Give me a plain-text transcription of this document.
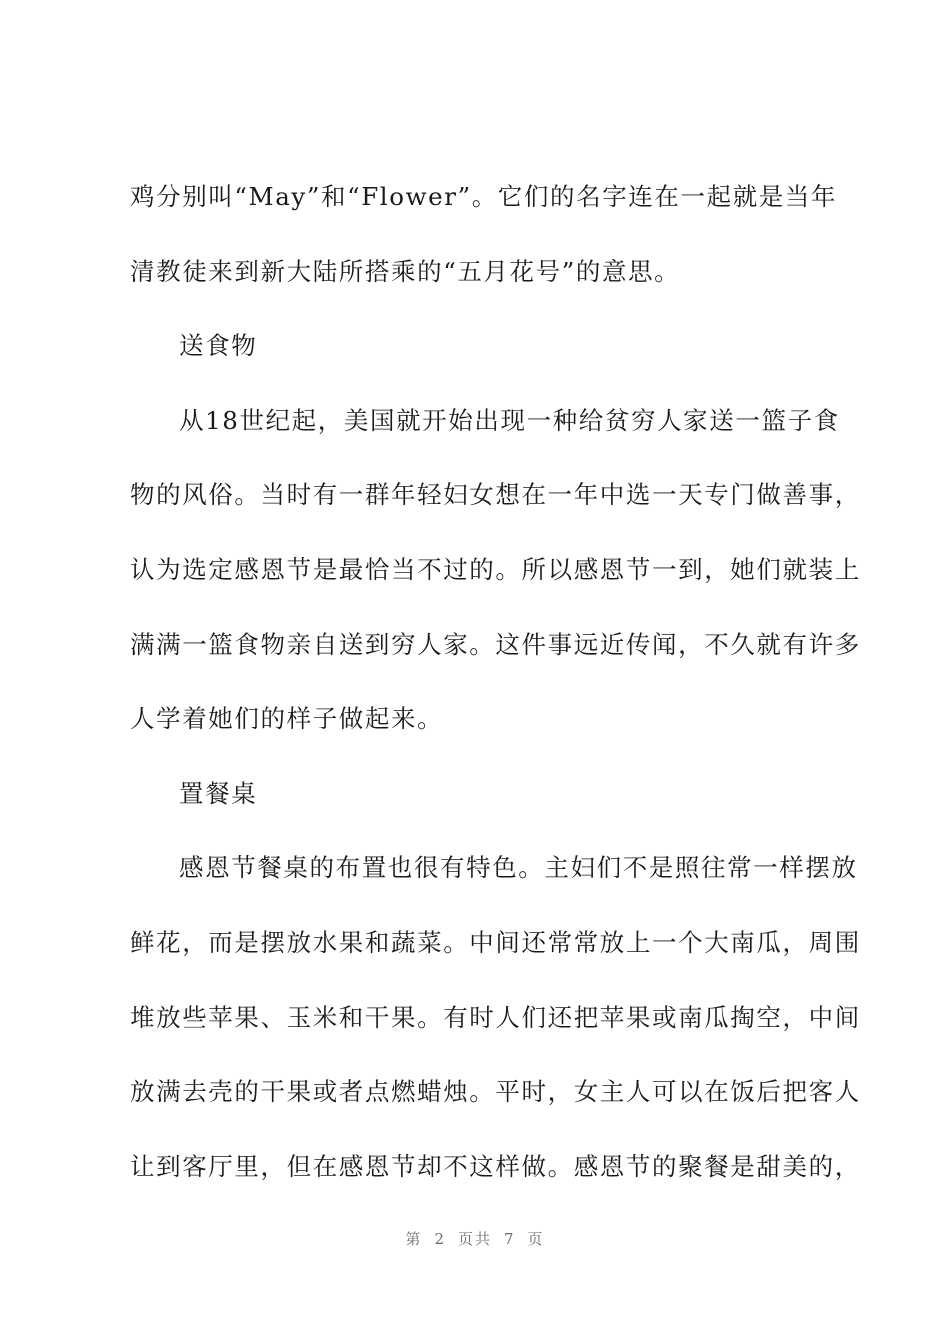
鸡分别叫“May”和“Flower”。它们的名字连在一起就是当年
清教徒来到新大陆所搭乘的“五月花号”的意思。
送食物
从18世纪起，美国就开始出现一种给贫穷人家送一篮子食
物的风俗。当时有一群年轻妇女想在一年中选一天专门做善事，
认为选定感恩节是最恰当不过的。所以感恩节一到，她们就装上
满满一篮食物亲自送到穷人家。这件事远近传闻，不久就有许多
人学着她们的样子做起来。
置餐桌
感恩节餐桌的布置也很有特色。主妇们不是照往常一样摆放
鲜花，而是摆放水果和蔬菜。中间还常常放上一个大南瓜，周围
堆放些苹果、玉米和干果。有时人们还把苹果或南瓜掏空，中间
放满去壳的干果或者点燃蜡烛。平时，女主人可以在饭后把客人
让到客厅里，但在感恩节却不这样做。感恩节的聚餐是甜美的，
第 2 页共 7 页
